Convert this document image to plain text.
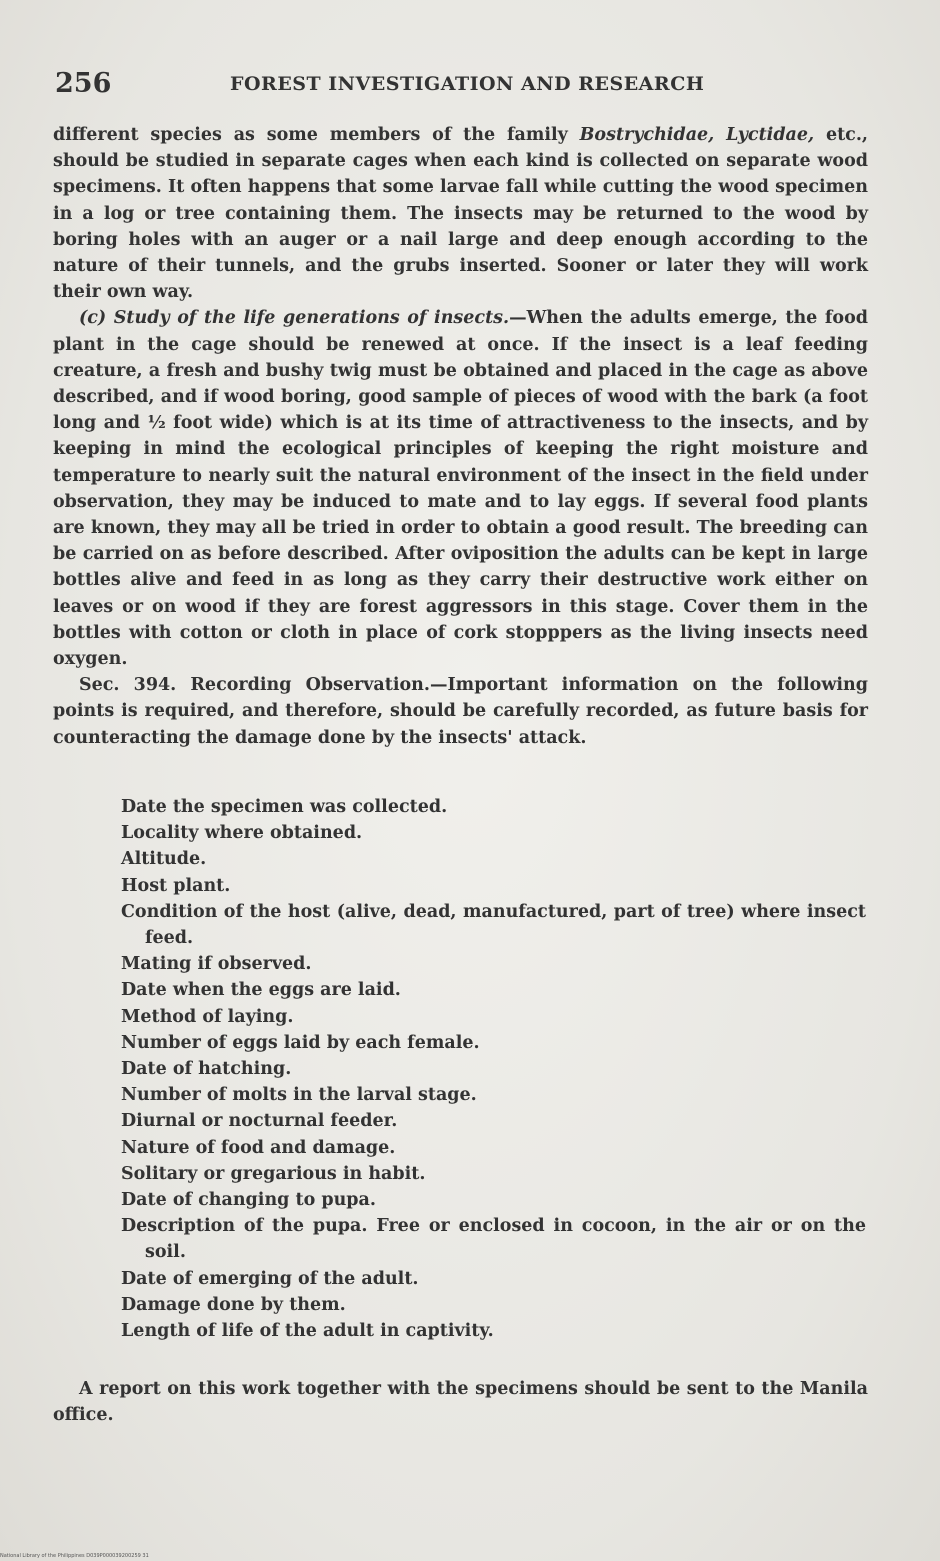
256	FOREST INVESTIGATION AND RESEARCH

different species as some members of the family Bostrychidae, Lyctidae, etc., should be studied in separate cages when each kind is collected on separate wood specimens. It often happens that some larvae fall while cutting the wood specimen in a log or tree containing them. The insects may be returned to the wood by boring holes with an auger or a nail large and deep enough according to the nature of their tunnels, and the grubs inserted. Sooner or later they will work their own way.

(c) Study of the life generations of insects.—When the adults emerge, the food plant in the cage should be renewed at once. If the insect is a leaf feeding creature, a fresh and bushy twig must be obtained and placed in the cage as above described, and if wood boring, good sample of pieces of wood with the bark (a foot long and ½ foot wide) which is at its time of attractiveness to the insects, and by keeping in mind the ecological principles of keeping the right moisture and temperature to nearly suit the natural environment of the insect in the field under observation, they may be induced to mate and to lay eggs. If several food plants are known, they may all be tried in order to obtain a good result. The breeding can be carried on as before described. After oviposition the adults can be kept in large bottles alive and feed in as long as they carry their destructive work either on leaves or on wood if they are forest aggressors in this stage. Cover them in the bottles with cotton or cloth in place of cork stopppers as the living insects need oxygen.

Sec. 394. Recording Observation.—Important information on the following points is required, and therefore, should be carefully recorded, as future basis for counteracting the damage done by the insects' attack.

Date the specimen was collected.

Locality where obtained.

Altitude.

Host plant.

Condition of the host (alive, dead, manufactured, part of tree) where insect feed.

Mating if observed.

Date when the eggs are laid.

Method of laying.

Number of eggs laid by each female.

Date of hatching.

Number of molts in the larval stage.

Diurnal or nocturnal feeder.

Nature of food and damage.

Solitary or gregarious in habit.

Date of changing to pupa.

Description of the pupa. Free or enclosed in cocoon, in the air or on the soil.

Date of emerging of the adult.

Damage done by them.

Length of life of the adult in captivity.

A report on this work together with the specimens should be sent to the Manila office.

National Library of the Philippines D039P000039200259 31
